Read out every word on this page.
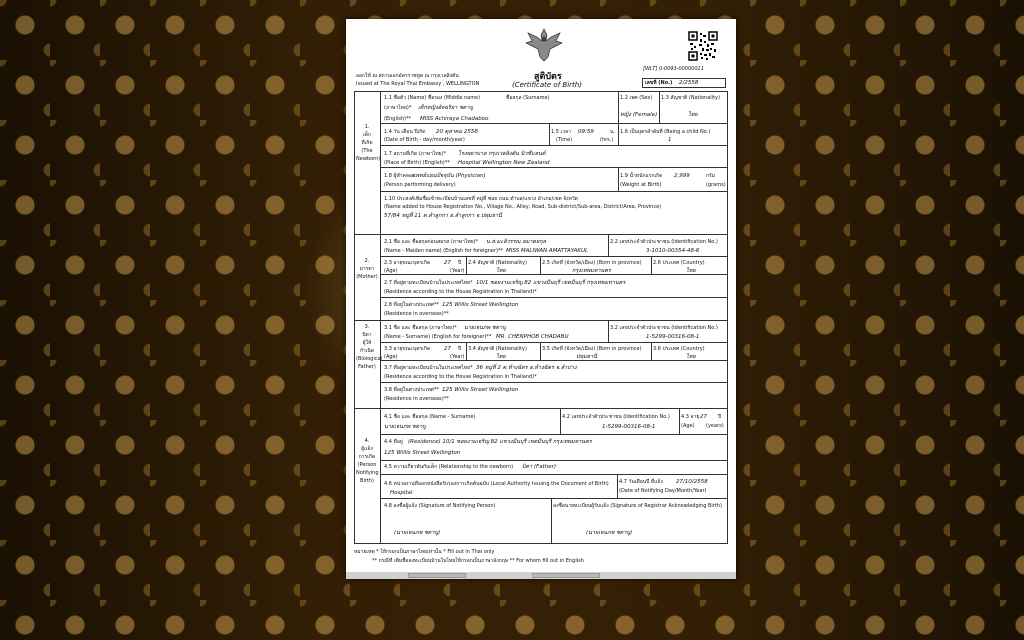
ออกให้ ณ สถานเอกอัครราชทูต ณ กรุงเวลลิงตัน
Issued at The Royal Thai Embassy , WELLINGTON
สูติบัตร
(Certificate of Birth)
[WLT] 0-0093-00000011
เลขที่ (No.) 2/2558
1.
เด็ก
ที่เกิด
(The
Newborn)
1.1 ชื่อตัว (Name) ชื่อรอง (Middle name)	ชื่อสกุล (Surname)
(ภาษาไทย)* เด็กหญิงอัจฉริยา ชดาบู
(English)** MISS Achiraya Chadaboo
1.2 เพศ (Sex)
หญิง (Female)
1.3 สัญชาติ (Nationality)
ไทย
1.4 วัน เดือน ปีเกิด 20 ตุลาคม 2558
(Date of Birth - day/month/year)
1.5 เวลา 09:59	น.
(Time)	(hrs.)
1.6 เป็นบุตรลำดับที่ (Being a child No.)
1
1.7 สถานที่เกิด (ภาษาไทย)* โรงพยาบาล กรุงเวลลิงตัน นิวซีแลนด์
(Place of Birth) (English)** Hospital Wellington New Zealand
1.8 ผู้ทำคลอด
แพทย์แผนปัจจุบัน (Physician)
(Person performing delivery)
1.9 น้ำหนักแรกเกิด 2,999	กรัม
(Weight at Birth)	(grams)
1.10 ประสงค์เพิ่มชื่อเข้าทะเบียนบ้านเลขที่ หมู่ที่ ซอย ถนน ตำบล/แขวง อำเภอ/เขต จังหวัด
(Name added to House Registration No., Village No., Alley, Road, Sub-district/Sub-area, District/Area, Province)
57/84 หมู่ที่ 11 ต.ลำลูกกา อ.ลำลูกกา จ.ปทุมธานี
2.
มารดา
(Mother)
2.1 ชื่อ และ ชื่อสกุลก่อนสมรส (ภาษาไทย)* น.ส.มะลิวรรณ อมาตยกุล
(Name - Maiden name) (English for foreigner)** MISS MALIWAN AMATTAYAKUL
2.2 เลขประจำตัวประชาชน (Identification No.)
3-1010-00354-48-6
2.3 อายุขณะบุตรเกิด	27 ปี
(Age)	(Year)
2.4 สัญชาติ (Nationality)
ไทย
2.5 เกิดที่ (จังหวัด/เมือง) (Born in province)
กรุงเทพมหานคร
2.6 ประเทศ (Country)
ไทย
2.7 ที่อยู่ตามทะเบียนบ้านในประเทศไทย* 10/1 ซอยงามเจริญ 82 แขวงมีนบุรี เขตมีนบุรี กรุงเทพมหานคร
(Residence according to the House Registration in Thailand)*
2.8 ที่อยู่ในต่างประเทศ** 125 Willis Street Wellington
(Residence in overseas)**
3.
บิดา
ผู้ให้
กำเนิด
(Biological
Father)
3.1 ชื่อ และ ชื่อสกุล (ภาษาไทย)* นายเจนภพ ชดาบู
(Name - Surname) (English for foreigner)** MR. CHENPHOB CHADABU
3.2 เลขประจำตัวประชาชน (Identification No.)
1-5299-00316-08-1
3.3 อายุขณะบุตรเกิด	27 ปี
(Age)	(Year)
3.4 สัญชาติ (Nationality)
ไทย
3.5 เกิดที่ (จังหวัด/เมือง) (Born in province)
ปทุมธานี
3.6 ประเทศ (Country)
ไทย
3.7 ที่อยู่ตามทะเบียนบ้านในประเทศไทย* 36 หมู่ที่ 2 ต.ห้างฉัตร อ.ห้างฉัตร จ.ลำปาง
(Residence according to the House Registration in Thailand)*
3.8 ที่อยู่ในต่างประเทศ** 125 Willis Street Wellington
(Residence in overseas)**
4.
ผู้แจ้ง
การเกิด
(Person
Notifying
Birth)
4.1 ชื่อ และ ชื่อสกุล (Name - Surname)
นายเจนภพ ชดาบู
4.2 เลขประจำตัวประชาชน (Identification No.)
1-5299-00316-08-1
4.3 อายุ 27 ปี
(Age) (years)
4.4 ที่อยู่ (Residence) 10/1 ซอยงามเจริญ 82 แขวงมีนบุรี เขตมีนบุรี กรุงเทพมหานคร
125 Willis Street Wellington
4.5 ความเกี่ยวพันกับเด็ก (Relationship to the newborn) บิดา (Father)
4.6 หน่วยงานที่ออกหนังสือรับรองการเกิดต้นฉบับ (Local Authority Issuing the Document of Birth)
Hospital
4.7 วันเดือนปี ที่แจ้ง 27/10/2558
(Date of Notifying Day/Month/Year)
4.8 ลงชื่อผู้แจ้ง (Signature of Notifying Person)
(นายเจนภพ ชดาบู)
ลงชื่อนายทะเบียนผู้รับแจ้ง (Signature of Registrar Acknowledging Birth)
(นายเจนภพ ชดาบู)
หมายเหตุ * ให้กรอกเป็นภาษาไทยเท่านั้น * Fill out in Thai only
** กรณีที่ เพิ่มชื่อลงทะเบียนบ้านในไทยให้กรอกเป็นภาษาอังกฤษ ** For whom fill out in English
